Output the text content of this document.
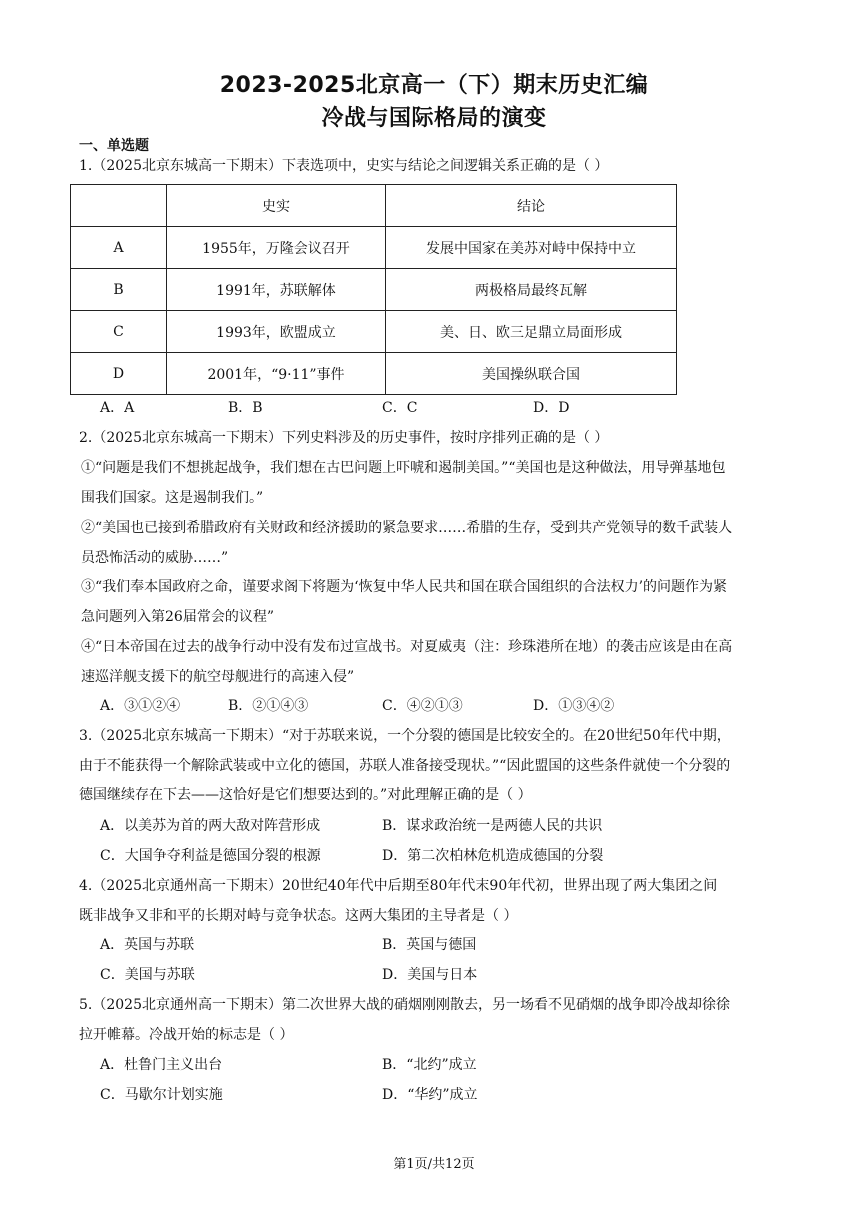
2023-2025北京高一（下）期末历史汇编
冷战与国际格局的演变
一、单选题
1.（2025北京东城高一下期末）下表选项中，史实与结论之间逻辑关系正确的是（ ）
	史实	结论
A	1955年，万隆会议召开	发展中国家在美苏对峙中保持中立
B	1991年，苏联解体	两极格局最终瓦解
C	1993年，欧盟成立	美、日、欧三足鼎立局面形成
D	2001年，“9·11”事件	美国操纵联合国
A．A	B．B	C．C	D．D
2.（2025北京东城高一下期末）下列史料涉及的历史事件，按时序排列正确的是（ ）
①“问题是我们不想挑起战争，我们想在古巴问题上吓唬和遏制美国。”“美国也是这种做法，用导弹基地包
围我们国家。这是遏制我们。”
②“美国也已接到希腊政府有关财政和经济援助的紧急要求……希腊的生存，受到共产党领导的数千武装人
员恐怖活动的威胁……”
③“我们奉本国政府之命，谨要求阁下将题为‘恢复中华人民共和国在联合国组织的合法权力’的问题作为紧
急问题列入第26届常会的议程”
④“日本帝国在过去的战争行动中没有发布过宣战书。对夏威夷（注：珍珠港所在地）的袭击应该是由在高
速巡洋舰支援下的航空母舰进行的高速入侵”
A．③①②④	B．②①④③	C．④②①③	D．①③④②
3.（2025北京东城高一下期末）“对于苏联来说，一个分裂的德国是比较安全的。在20世纪50年代中期，
由于不能获得一个解除武装或中立化的德国，苏联人准备接受现状。”“因此盟国的这些条件就使一个分裂的
德国继续存在下去——这恰好是它们想要达到的。”对此理解正确的是（ ）
A．以美苏为首的两大敌对阵营形成	B．谋求政治统一是两德人民的共识
C．大国争夺利益是德国分裂的根源	D．第二次柏林危机造成德国的分裂
4.（2025北京通州高一下期末）20世纪40年代中后期至80年代末90年代初，世界出现了两大集团之间
既非战争又非和平的长期对峙与竞争状态。这两大集团的主导者是（ ）
A．英国与苏联	B．英国与德国
C．美国与苏联	D．美国与日本
5.（2025北京通州高一下期末）第二次世界大战的硝烟刚刚散去，另一场看不见硝烟的战争即冷战却徐徐
拉开帷幕。冷战开始的标志是（ ）
A．杜鲁门主义出台	B．“北约”成立
C．马歇尔计划实施	D．“华约”成立
第1页/共12页
